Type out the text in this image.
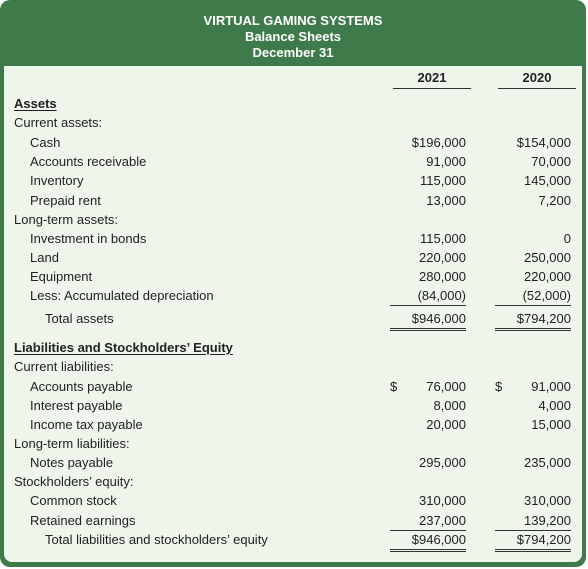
VIRTUAL GAMING SYSTEMS
Balance Sheets
December 31
2021	2020
Assets
Current assets:
Cash	$196,000	$154,000
Accounts receivable	91,000	70,000
Inventory	115,000	145,000
Prepaid rent	13,000	7,200
Long-term assets:
Investment in bonds	115,000	0
Land	220,000	250,000
Equipment	280,000	220,000
Less: Accumulated depreciation	(84,000)	(52,000)
Total assets	$946,000	$794,200
Liabilities and Stockholders’ Equity
Current liabilities:
Accounts payable	$ 76,000 $ 91,000
Interest payable	8,000	4,000
Income tax payable	20,000	15,000
Long-term liabilities:
Notes payable	295,000	235,000
Stockholders’ equity:
Common stock	310,000	310,000
Retained earnings	237,000	139,200
Total liabilities and stockholders’ equity	$946,000	$794,200
